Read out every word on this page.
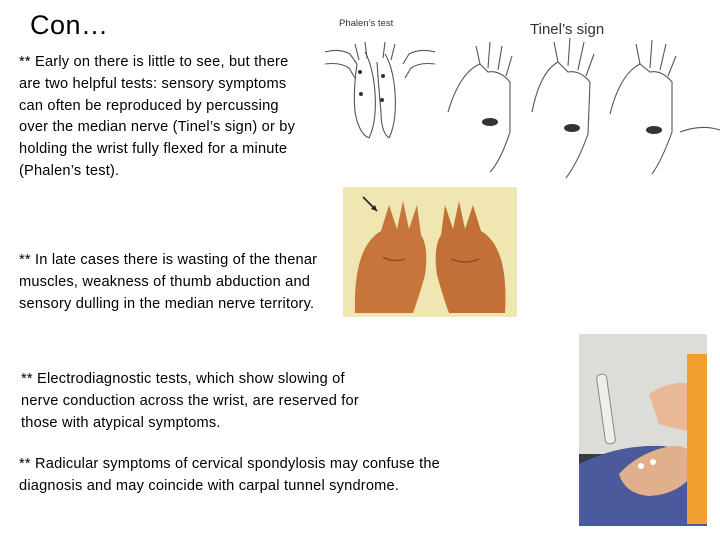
Con…

** Early on there is little to see, but there are two helpful tests: sensory symptoms can often be reproduced by percussing over the median nerve (Tinel’s sign) or by holding the wrist fully flexed for a minute (Phalen’s test).

** In late cases there is wasting of the thenar muscles, weakness of thumb abduction and sensory dulling in the median nerve territory.

** Electrodiagnostic tests, which show slowing of nerve conduction across the wrist, are reserved for those with atypical symptoms.

** Radicular symptoms of cervical spondylosis may confuse the diagnosis and may coincide with carpal tunnel syndrome.

Phalen’s test	Tinel’s sign
